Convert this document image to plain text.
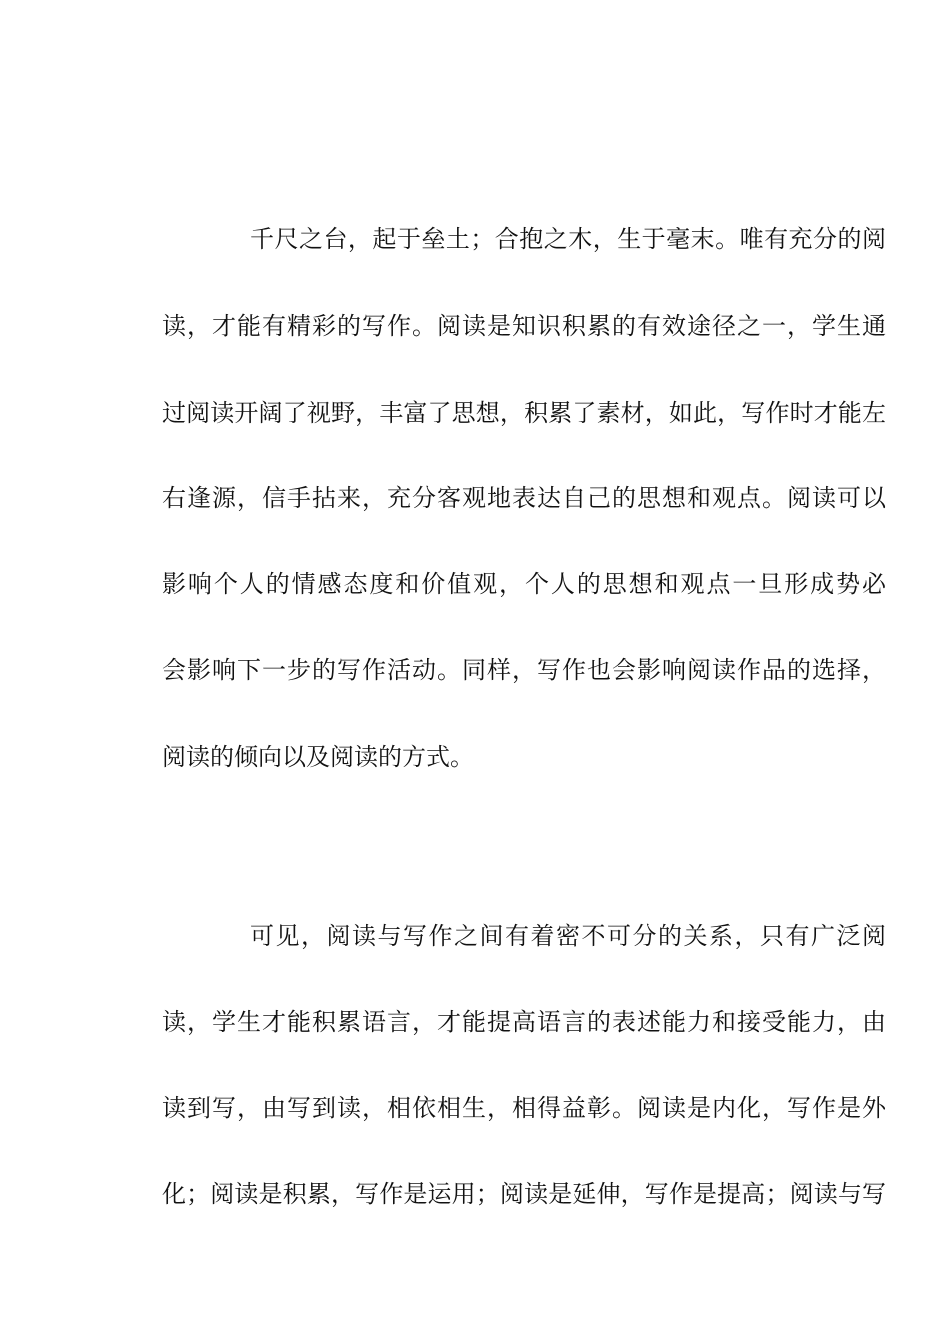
千尺之台，起于垒土；合抱之木，生于毫末。唯有充分的阅
读，才能有精彩的写作。阅读是知识积累的有效途径之一，学生通
过阅读开阔了视野，丰富了思想，积累了素材，如此，写作时才能左
右逢源，信手拈来，充分客观地表达自己的思想和观点。阅读可以
影响个人的情感态度和价值观，个人的思想和观点一旦形成势必
会影响下一步的写作活动。同样，写作也会影响阅读作品的选择，
阅读的倾向以及阅读的方式。
可见，阅读与写作之间有着密不可分的关系，只有广泛阅
读，学生才能积累语言，才能提高语言的表述能力和接受能力，由
读到写，由写到读，相依相生，相得益彰。阅读是内化，写作是外
化；阅读是积累，写作是运用；阅读是延伸，写作是提高；阅读与写
